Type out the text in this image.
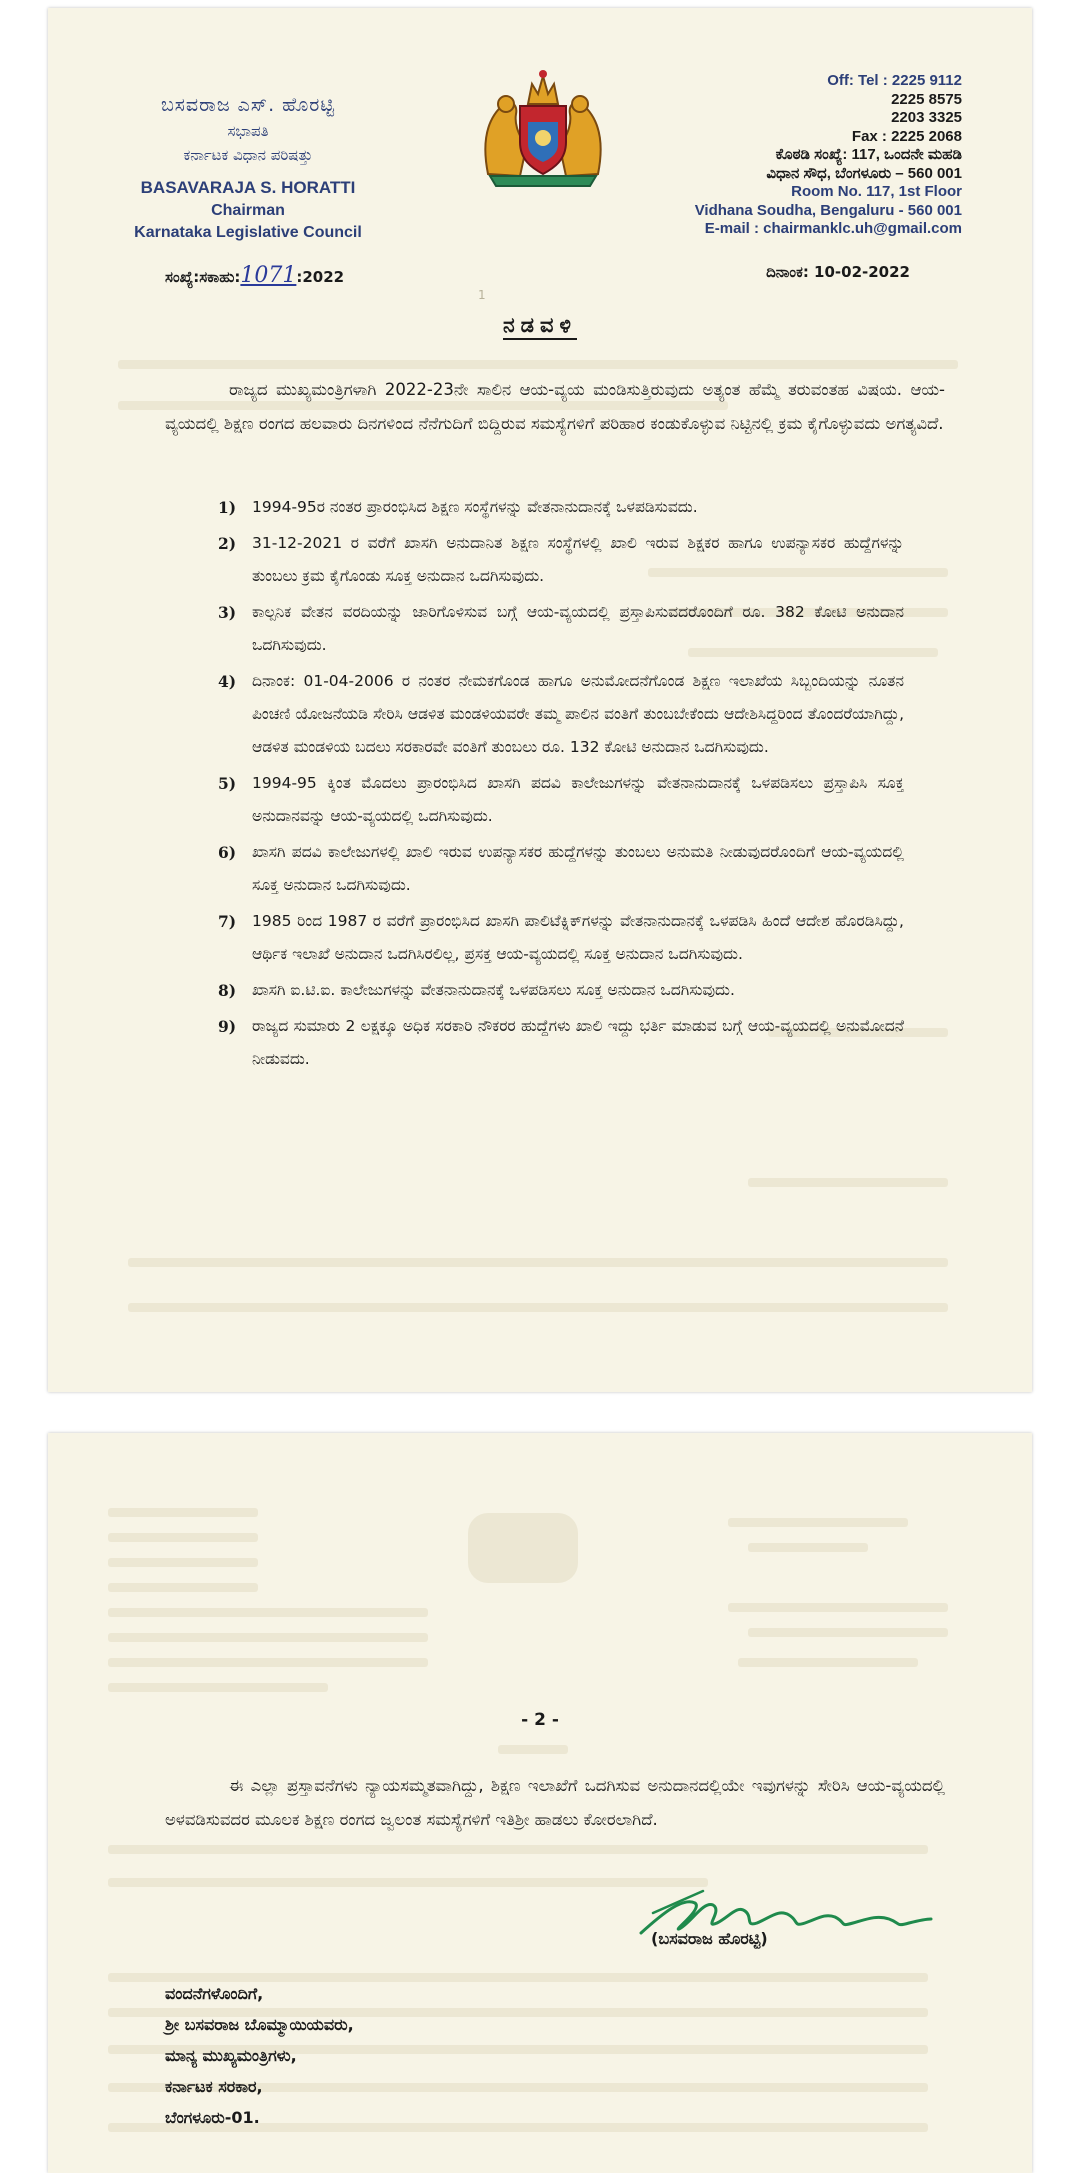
ಬಸವರಾಜ ಎಸ್. ಹೊರಟ್ಟಿ
ಸಭಾಪತಿ
ಕರ್ನಾಟಕ ವಿಧಾನ ಪರಿಷತ್ತು
BASAVARAJA S. HORATTI
Chairman
Karnataka Legislative Council
Off: Tel : 2225 9112
2225 8575
2203 3325
Fax : 2225 2068
ಕೊಠಡಿ ಸಂಖ್ಯೆ: 117, ಒಂದನೇ ಮಹಡಿ
ವಿಧಾನ ಸೌಧ, ಬೆಂಗಳೂರು – 560 001
Room No. 117, 1st Floor
Vidhana Soudha, Bengaluru - 560 001
E-mail : chairmanklc.uh@gmail.com
ಸಂಖ್ಯೆ:ಸಕಾಹು:1071:2022	ದಿನಾಂಕ: 10-02-2022
1
ನಡವಳಿ
ರಾಜ್ಯದ ಮುಖ್ಯಮಂತ್ರಿಗಳಾಗಿ 2022-23ನೇ ಸಾಲಿನ ಆಯ-ವ್ಯಯ ಮಂಡಿಸುತ್ತಿರುವುದು ಅತ್ಯಂತ ಹೆಮ್ಮೆ ತರುವಂತಹ ವಿಷಯ. ಆಯ-ವ್ಯಯದಲ್ಲಿ ಶಿಕ್ಷಣ ರಂಗದ ಹಲವಾರು ದಿನಗಳಿಂದ ನೆನೆಗುದಿಗೆ ಬಿದ್ದಿರುವ ಸಮಸ್ಯೆಗಳಿಗೆ ಪರಿಹಾರ ಕಂಡುಕೊಳ್ಳುವ ನಿಟ್ಟಿನಲ್ಲಿ ಕ್ರಮ ಕೈಗೊಳ್ಳುವದು ಅಗತ್ಯವಿದೆ.
1) 1994-95ರ ನಂತರ ಪ್ರಾರಂಭಿಸಿದ ಶಿಕ್ಷಣ ಸಂಸ್ಥೆಗಳನ್ನು ವೇತನಾನುದಾನಕ್ಕೆ ಒಳಪಡಿಸುವದು.
2) 31-12-2021 ರ ವರೆಗೆ ಖಾಸಗಿ ಅನುದಾನಿತ ಶಿಕ್ಷಣ ಸಂಸ್ಥೆಗಳಲ್ಲಿ ಖಾಲಿ ಇರುವ ಶಿಕ್ಷಕರ ಹಾಗೂ ಉಪನ್ಯಾಸಕರ ಹುದ್ದೆಗಳನ್ನು ತುಂಬಲು ಕ್ರಮ ಕೈಗೊಂಡು ಸೂಕ್ತ ಅನುದಾನ ಒದಗಿಸುವುದು.
3) ಕಾಲ್ಪನಿಕ ವೇತನ ವರದಿಯನ್ನು ಜಾರಿಗೊಳಿಸುವ ಬಗ್ಗೆ ಆಯ-ವ್ಯಯದಲ್ಲಿ ಪ್ರಸ್ತಾಪಿಸುವದರೊಂದಿಗೆ ರೂ. 382 ಕೋಟಿ ಅನುದಾನ ಒದಗಿಸುವುದು.
4) ದಿನಾಂಕ: 01-04-2006 ರ ನಂತರ ನೇಮಕಗೊಂಡ ಹಾಗೂ ಅನುಮೋದನೆಗೊಂಡ ಶಿಕ್ಷಣ ಇಲಾಖೆಯ ಸಿಬ್ಬಂದಿಯನ್ನು ನೂತನ ಪಿಂಚಣಿ ಯೋಜನೆಯಡಿ ಸೇರಿಸಿ ಆಡಳಿತ ಮಂಡಳಿಯವರೇ ತಮ್ಮ ಪಾಲಿನ ವಂತಿಗೆ ತುಂಬಬೇಕೆಂದು ಆದೇಶಿಸಿದ್ದರಿಂದ ತೊಂದರೆಯಾಗಿದ್ದು, ಆಡಳಿತ ಮಂಡಳಿಯ ಬದಲು ಸರಕಾರವೇ ವಂತಿಗೆ ತುಂಬಲು ರೂ. 132 ಕೋಟಿ ಅನುದಾನ ಒದಗಿಸುವುದು.
5) 1994-95 ಕ್ಕಿಂತ ಮೊದಲು ಪ್ರಾರಂಭಿಸಿದ ಖಾಸಗಿ ಪದವಿ ಕಾಲೇಜುಗಳನ್ನು ವೇತನಾನುದಾನಕ್ಕೆ ಒಳಪಡಿಸಲು ಪ್ರಸ್ತಾಪಿಸಿ ಸೂಕ್ತ ಅನುದಾನವನ್ನು ಆಯ-ವ್ಯಯದಲ್ಲಿ ಒದಗಿಸುವುದು.
6) ಖಾಸಗಿ ಪದವಿ ಕಾಲೇಜುಗಳಲ್ಲಿ ಖಾಲಿ ಇರುವ ಉಪನ್ಯಾಸಕರ ಹುದ್ದೆಗಳನ್ನು ತುಂಬಲು ಅನುಮತಿ ನೀಡುವುದರೊಂದಿಗೆ ಆಯ-ವ್ಯಯದಲ್ಲಿ ಸೂಕ್ತ ಅನುದಾನ ಒದಗಿಸುವುದು.
7) 1985 ರಿಂದ 1987 ರ ವರೆಗೆ ಪ್ರಾರಂಭಿಸಿದ ಖಾಸಗಿ ಪಾಲಿಟೆಕ್ನಿಕ್‌ಗಳನ್ನು ವೇತನಾನುದಾನಕ್ಕೆ ಒಳಪಡಿಸಿ ಹಿಂದೆ ಆದೇಶ ಹೊರಡಿಸಿದ್ದು, ಆರ್ಥಿಕ ಇಲಾಖೆ ಅನುದಾನ ಒದಗಿಸಿರಲಿಲ್ಲ, ಪ್ರಸಕ್ತ ಆಯ-ವ್ಯಯದಲ್ಲಿ ಸೂಕ್ತ ಅನುದಾನ ಒದಗಿಸುವುದು.
8) ಖಾಸಗಿ ಐ.ಟಿ.ಐ. ಕಾಲೇಜುಗಳನ್ನು ವೇತನಾನುದಾನಕ್ಕೆ ಒಳಪಡಿಸಲು ಸೂಕ್ತ ಅನುದಾನ ಒದಗಿಸುವುದು.
9) ರಾಜ್ಯದ ಸುಮಾರು 2 ಲಕ್ಷಕ್ಕೂ ಅಧಿಕ ಸರಕಾರಿ ನೌಕರರ ಹುದ್ದೆಗಳು ಖಾಲಿ ಇದ್ದು ಭರ್ತಿ ಮಾಡುವ ಬಗ್ಗೆ ಆಯ-ವ್ಯಯದಲ್ಲಿ ಅನುಮೋದನೆ ನೀಡುವದು.
- 2 -
ಈ ಎಲ್ಲಾ ಪ್ರಸ್ತಾವನೆಗಳು ನ್ಯಾಯಸಮ್ಮತವಾಗಿದ್ದು, ಶಿಕ್ಷಣ ಇಲಾಖೆಗೆ ಒದಗಿಸುವ ಅನುದಾನದಲ್ಲಿಯೇ ಇವುಗಳನ್ನು ಸೇರಿಸಿ ಆಯ-ವ್ಯಯದಲ್ಲಿ ಅಳವಡಿಸುವದರ ಮೂಲಕ ಶಿಕ್ಷಣ ರಂಗದ ಜ್ವಲಂತ ಸಮಸ್ಯೆಗಳಿಗೆ ಇತಿಶ್ರೀ ಹಾಡಲು ಕೋರಲಾಗಿದೆ.
(ಬಸವರಾಜ ಹೊರಟ್ಟಿ)
ವಂದನೆಗಳೊಂದಿಗೆ,
ಶ್ರೀ ಬಸವರಾಜ ಬೊಮ್ಮಾಯಿಯವರು,
ಮಾನ್ಯ ಮುಖ್ಯಮಂತ್ರಿಗಳು,
ಕರ್ನಾಟಕ ಸರಕಾರ,
ಬೆಂಗಳೂರು-01.
